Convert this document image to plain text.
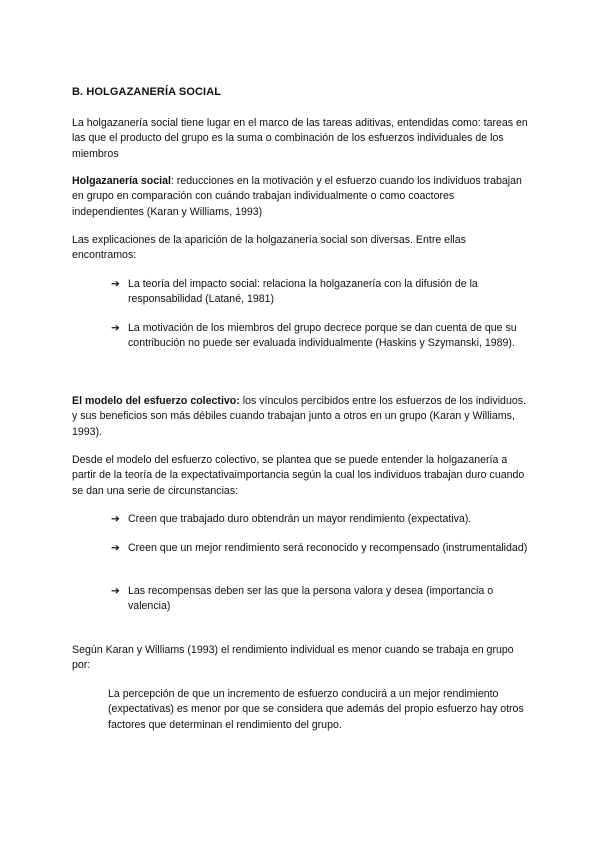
B. HOLGAZANERÍA SOCIAL

La holgazanería social tiene lugar en el marco de las tareas aditivas, entendidas como: tareas en las que el producto del grupo es la suma o combinación de los esfuerzos individuales de los miembros

Holgazanería social: reducciones en la motivación y el esfuerzo cuando los individuos trabajan en grupo en comparación con cuándo trabajan individualmente o como coactores independientes (Karan y Williams, 1993)

Las explicaciones de la aparición de la holgazanería social son diversas. Entre ellas encontramos:

➔ La teoría del impacto social: relaciona la holgazanería con la difusión de la responsabilidad (Latané, 1981)
➔ La motivación de los miembros del grupo decrece porque se dan cuenta de que su contribución no puede ser evaluada individualmente (Haskins y Szymanski, 1989).

El modelo del esfuerzo colectivo: los vínculos percibidos entre los esfuerzos de los individuos. y sus beneficios son más débiles cuando trabajan junto a otros en un grupo (Karan y Williams, 1993).

Desde el modelo del esfuerzo colectivo, se plantea que se puede entender la holgazanería a partir de la teoría de la expectativaimportancia según la cual los individuos trabajan duro cuando se dan una serie de circunstancias:

➔ Creen que trabajado duro obtendrán un mayor rendimiento (expectativa).
➔ Creen que un mejor rendimiento será reconocido y recompensado (instrumentalidad)
➔ Las recompensas deben ser las que la persona valora y desea (importancia o valencia)

Según Karan y Williams (1993) el rendimiento individual es menor cuando se trabaja en grupo por:

La percepción de que un incremento de esfuerzo conducirá a un mejor rendimiento (expectativas) es menor por que se considera que además del propio esfuerzo hay otros factores que determinan el rendimiento del grupo.
